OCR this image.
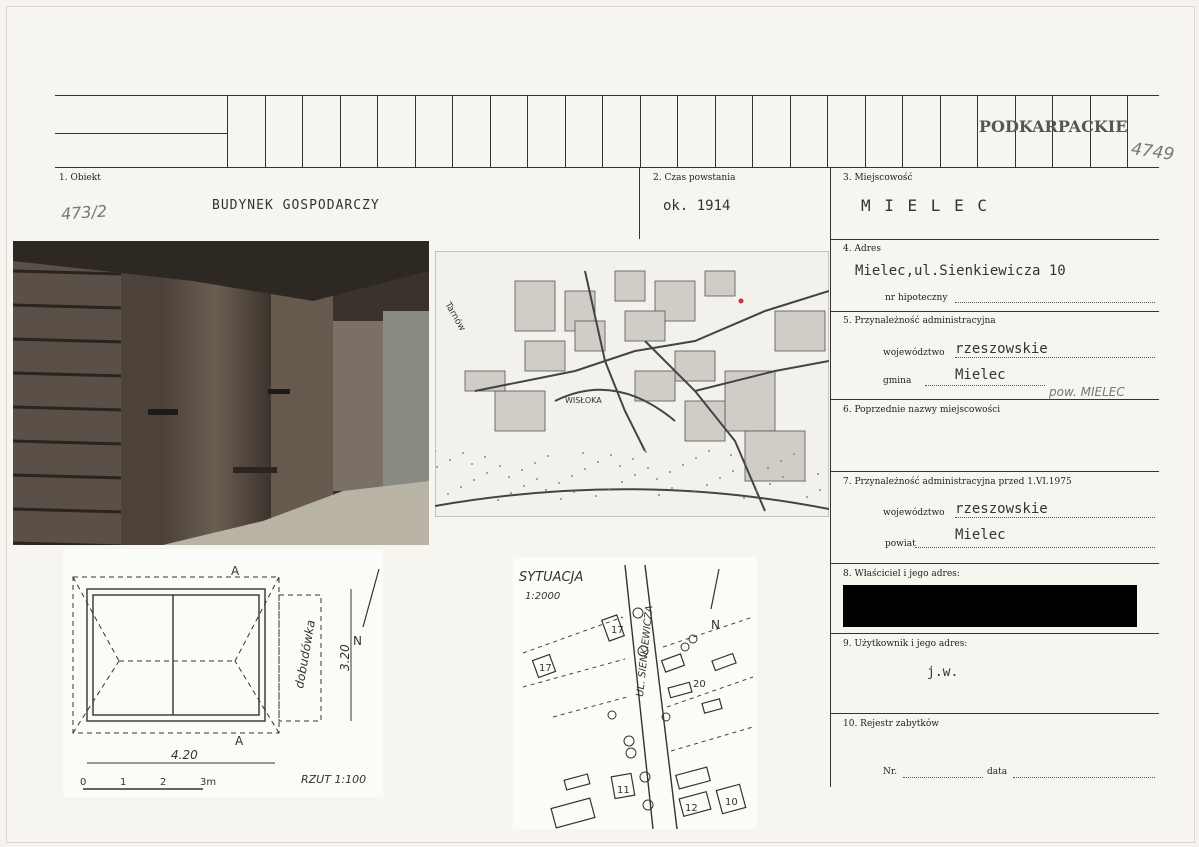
PODKARPACKIE
4749
1. Obiekt
473/2	BUDYNEK GOSPODARCZY
2. Czas powstania
ok. 1914
3. Miejscowość
M I E L E C
Tarnów
WISŁOKA
4. Adres
Mielec,ul.Sienkiewicza 10
nr hipoteczny
5. Przynależność administracyjna
województwo rzeszowskie
gmina	Mielec
pow. MIELEC
6. Poprzednie nazwy miejscowości
7. Przynależność administracyjna przed 1.VI.1975
województwo rzeszowskie
powiat
Mielec
8. Właściciel i jego adres:
9. Użytkownik i jego adres:
j.w.
10. Rejestr zabytków
Nr.	data
A
A
dobudówka
4.20
3.20
0	1	2	3m	RZUT 1:100
N
SYTUACJA
1:2000
UL. SIENKIEWICZA
17
17
20
11
12
10
N
